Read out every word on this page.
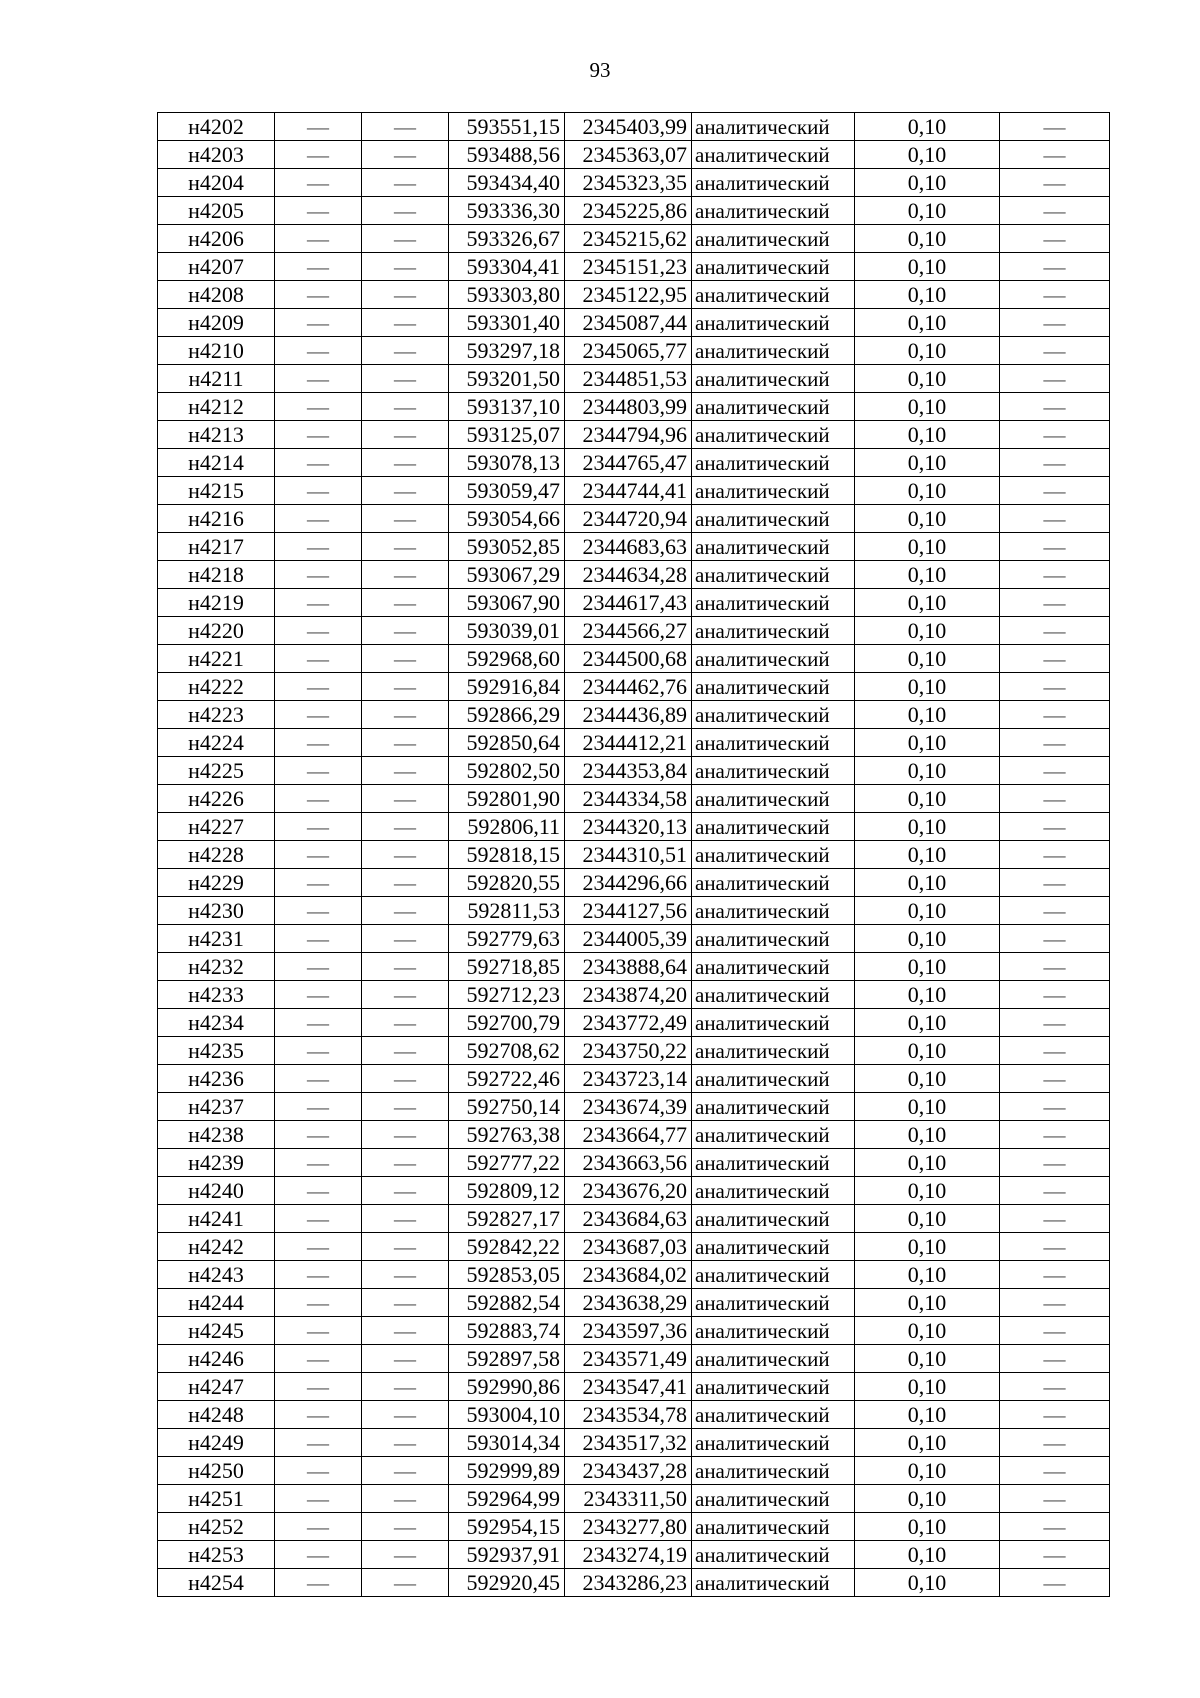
93
н4202	—	—	593551,15	2345403,99	аналитический	0,10	—
н4203	—	—	593488,56	2345363,07	аналитический	0,10	—
н4204	—	—	593434,40	2345323,35	аналитический	0,10	—
н4205	—	—	593336,30	2345225,86	аналитический	0,10	—
н4206	—	—	593326,67	2345215,62	аналитический	0,10	—
н4207	—	—	593304,41	2345151,23	аналитический	0,10	—
н4208	—	—	593303,80	2345122,95	аналитический	0,10	—
н4209	—	—	593301,40	2345087,44	аналитический	0,10	—
н4210	—	—	593297,18	2345065,77	аналитический	0,10	—
н4211	—	—	593201,50	2344851,53	аналитический	0,10	—
н4212	—	—	593137,10	2344803,99	аналитический	0,10	—
н4213	—	—	593125,07	2344794,96	аналитический	0,10	—
н4214	—	—	593078,13	2344765,47	аналитический	0,10	—
н4215	—	—	593059,47	2344744,41	аналитический	0,10	—
н4216	—	—	593054,66	2344720,94	аналитический	0,10	—
н4217	—	—	593052,85	2344683,63	аналитический	0,10	—
н4218	—	—	593067,29	2344634,28	аналитический	0,10	—
н4219	—	—	593067,90	2344617,43	аналитический	0,10	—
н4220	—	—	593039,01	2344566,27	аналитический	0,10	—
н4221	—	—	592968,60	2344500,68	аналитический	0,10	—
н4222	—	—	592916,84	2344462,76	аналитический	0,10	—
н4223	—	—	592866,29	2344436,89	аналитический	0,10	—
н4224	—	—	592850,64	2344412,21	аналитический	0,10	—
н4225	—	—	592802,50	2344353,84	аналитический	0,10	—
н4226	—	—	592801,90	2344334,58	аналитический	0,10	—
н4227	—	—	592806,11	2344320,13	аналитический	0,10	—
н4228	—	—	592818,15	2344310,51	аналитический	0,10	—
н4229	—	—	592820,55	2344296,66	аналитический	0,10	—
н4230	—	—	592811,53	2344127,56	аналитический	0,10	—
н4231	—	—	592779,63	2344005,39	аналитический	0,10	—
н4232	—	—	592718,85	2343888,64	аналитический	0,10	—
н4233	—	—	592712,23	2343874,20	аналитический	0,10	—
н4234	—	—	592700,79	2343772,49	аналитический	0,10	—
н4235	—	—	592708,62	2343750,22	аналитический	0,10	—
н4236	—	—	592722,46	2343723,14	аналитический	0,10	—
н4237	—	—	592750,14	2343674,39	аналитический	0,10	—
н4238	—	—	592763,38	2343664,77	аналитический	0,10	—
н4239	—	—	592777,22	2343663,56	аналитический	0,10	—
н4240	—	—	592809,12	2343676,20	аналитический	0,10	—
н4241	—	—	592827,17	2343684,63	аналитический	0,10	—
н4242	—	—	592842,22	2343687,03	аналитический	0,10	—
н4243	—	—	592853,05	2343684,02	аналитический	0,10	—
н4244	—	—	592882,54	2343638,29	аналитический	0,10	—
н4245	—	—	592883,74	2343597,36	аналитический	0,10	—
н4246	—	—	592897,58	2343571,49	аналитический	0,10	—
н4247	—	—	592990,86	2343547,41	аналитический	0,10	—
н4248	—	—	593004,10	2343534,78	аналитический	0,10	—
н4249	—	—	593014,34	2343517,32	аналитический	0,10	—
н4250	—	—	592999,89	2343437,28	аналитический	0,10	—
н4251	—	—	592964,99	2343311,50	аналитический	0,10	—
н4252	—	—	592954,15	2343277,80	аналитический	0,10	—
н4253	—	—	592937,91	2343274,19	аналитический	0,10	—
н4254	—	—	592920,45	2343286,23	аналитический	0,10	—
